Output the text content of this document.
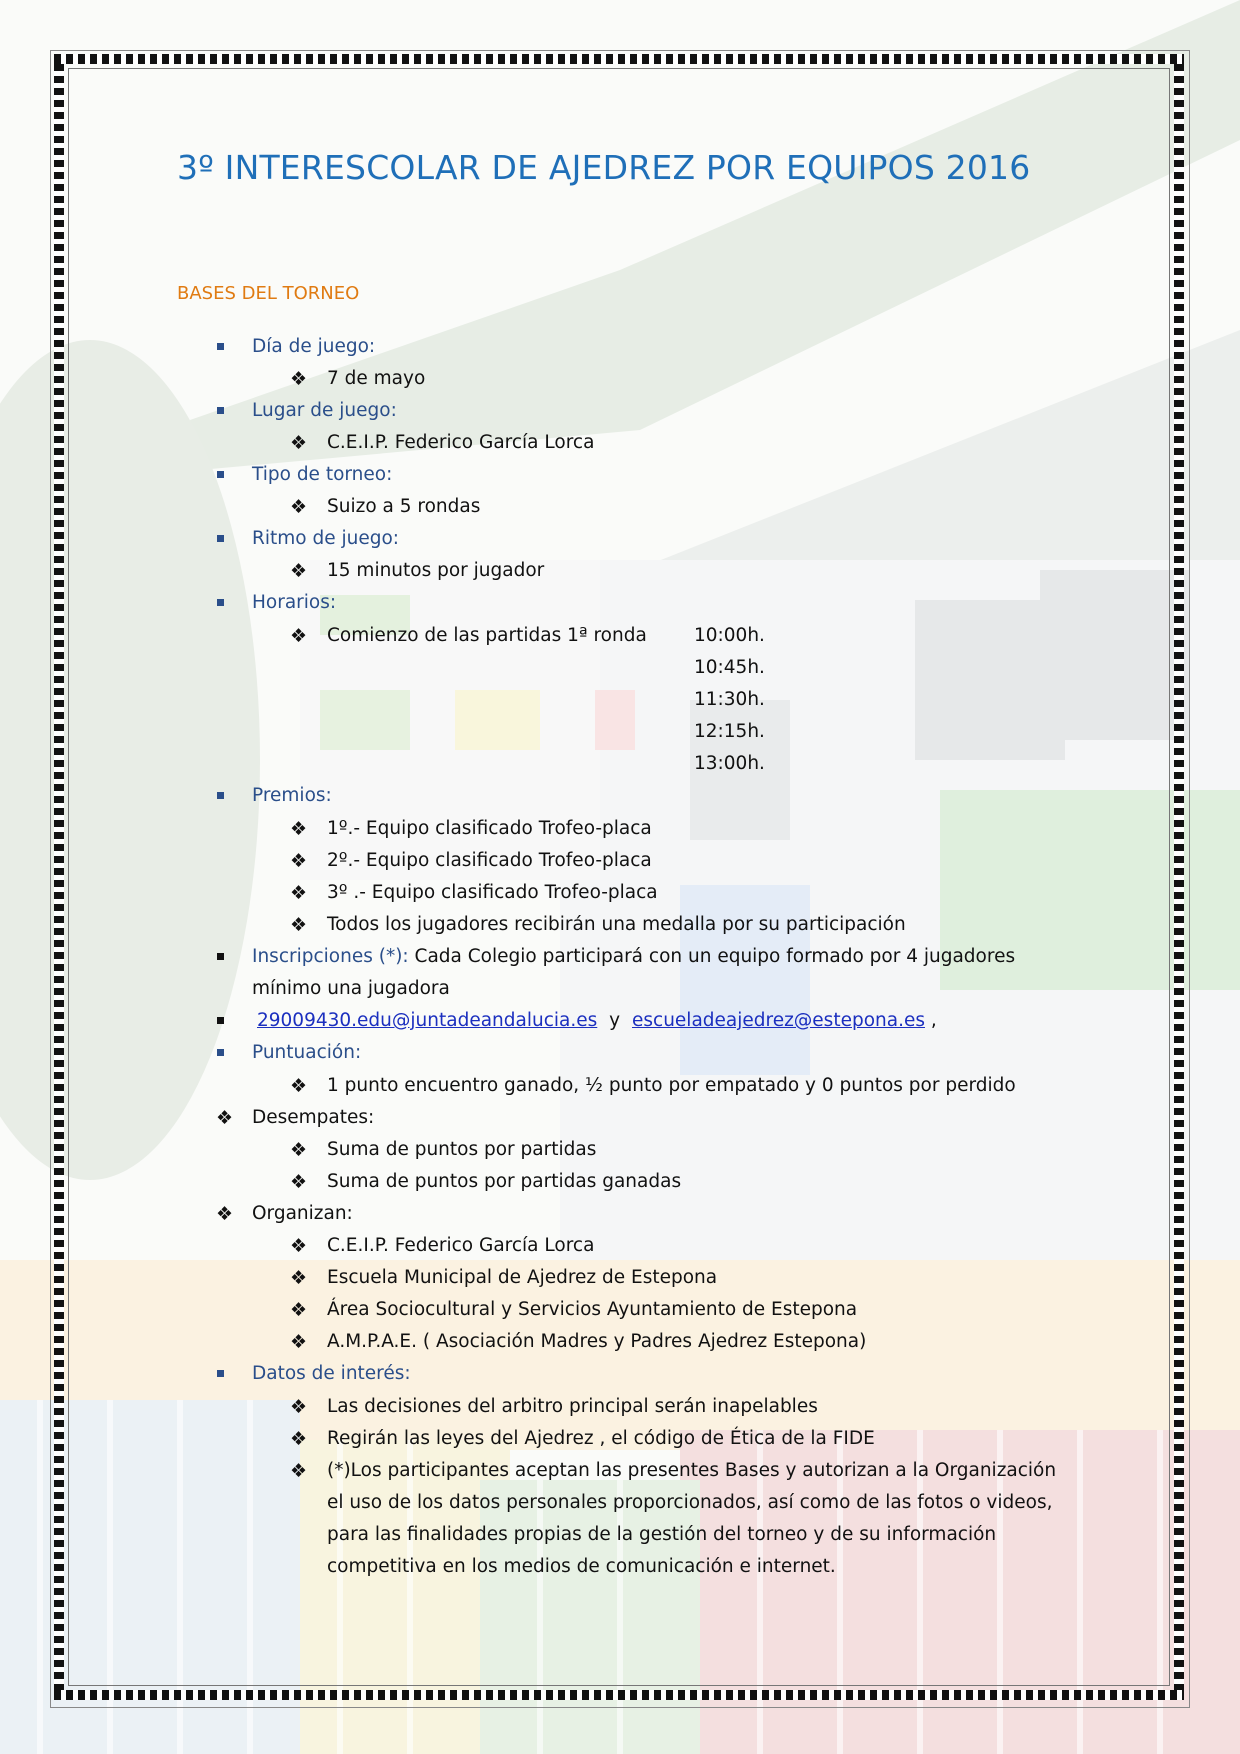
3º INTERESCOLAR DE AJEDREZ POR EQUIPOS 2016
BASES DEL TORNEO
Día de juego:
❖ 7 de mayo
Lugar de juego:
❖ C.E.I.P. Federico García Lorca
Tipo de torneo:
❖ Suizo a 5 rondas
Ritmo de juego:
❖ 15 minutos por jugador
Horarios:
❖ Comienzo de las partidas 1ª ronda	10:00h.
10:45h.
11:30h.
12:15h.
13:00h.
Premios:
❖ 1º.- Equipo clasificado Trofeo-placa
❖ 2º.- Equipo clasificado Trofeo-placa
❖ 3º .- Equipo clasificado Trofeo-placa
❖ Todos los jugadores recibirán una medalla por su participación
Inscripciones (*): Cada Colegio participará con un equipo formado por 4 jugadores
mínimo una jugadora
29009430.edu@juntadeandalucia.es y escueladeajedrez@estepona.es ,
Puntuación:
❖ 1 punto encuentro ganado, ½ punto por empatado y 0 puntos por perdido
❖ Desempates:
❖ Suma de puntos por partidas
❖ Suma de puntos por partidas ganadas
❖ Organizan:
❖ C.E.I.P. Federico García Lorca
❖ Escuela Municipal de Ajedrez de Estepona
❖ Área Sociocultural y Servicios Ayuntamiento de Estepona
❖ A.M.P.A.E. ( Asociación Madres y Padres Ajedrez Estepona)
Datos de interés:
❖ Las decisiones del arbitro principal serán inapelables
❖ Regirán las leyes del Ajedrez , el código de Ética de la FIDE
❖ (*)Los participantes aceptan las presentes Bases y autorizan a la Organización
el uso de los datos personales proporcionados, así como de las fotos o videos,
para las finalidades propias de la gestión del torneo y de su información
competitiva en los medios de comunicación e internet.
